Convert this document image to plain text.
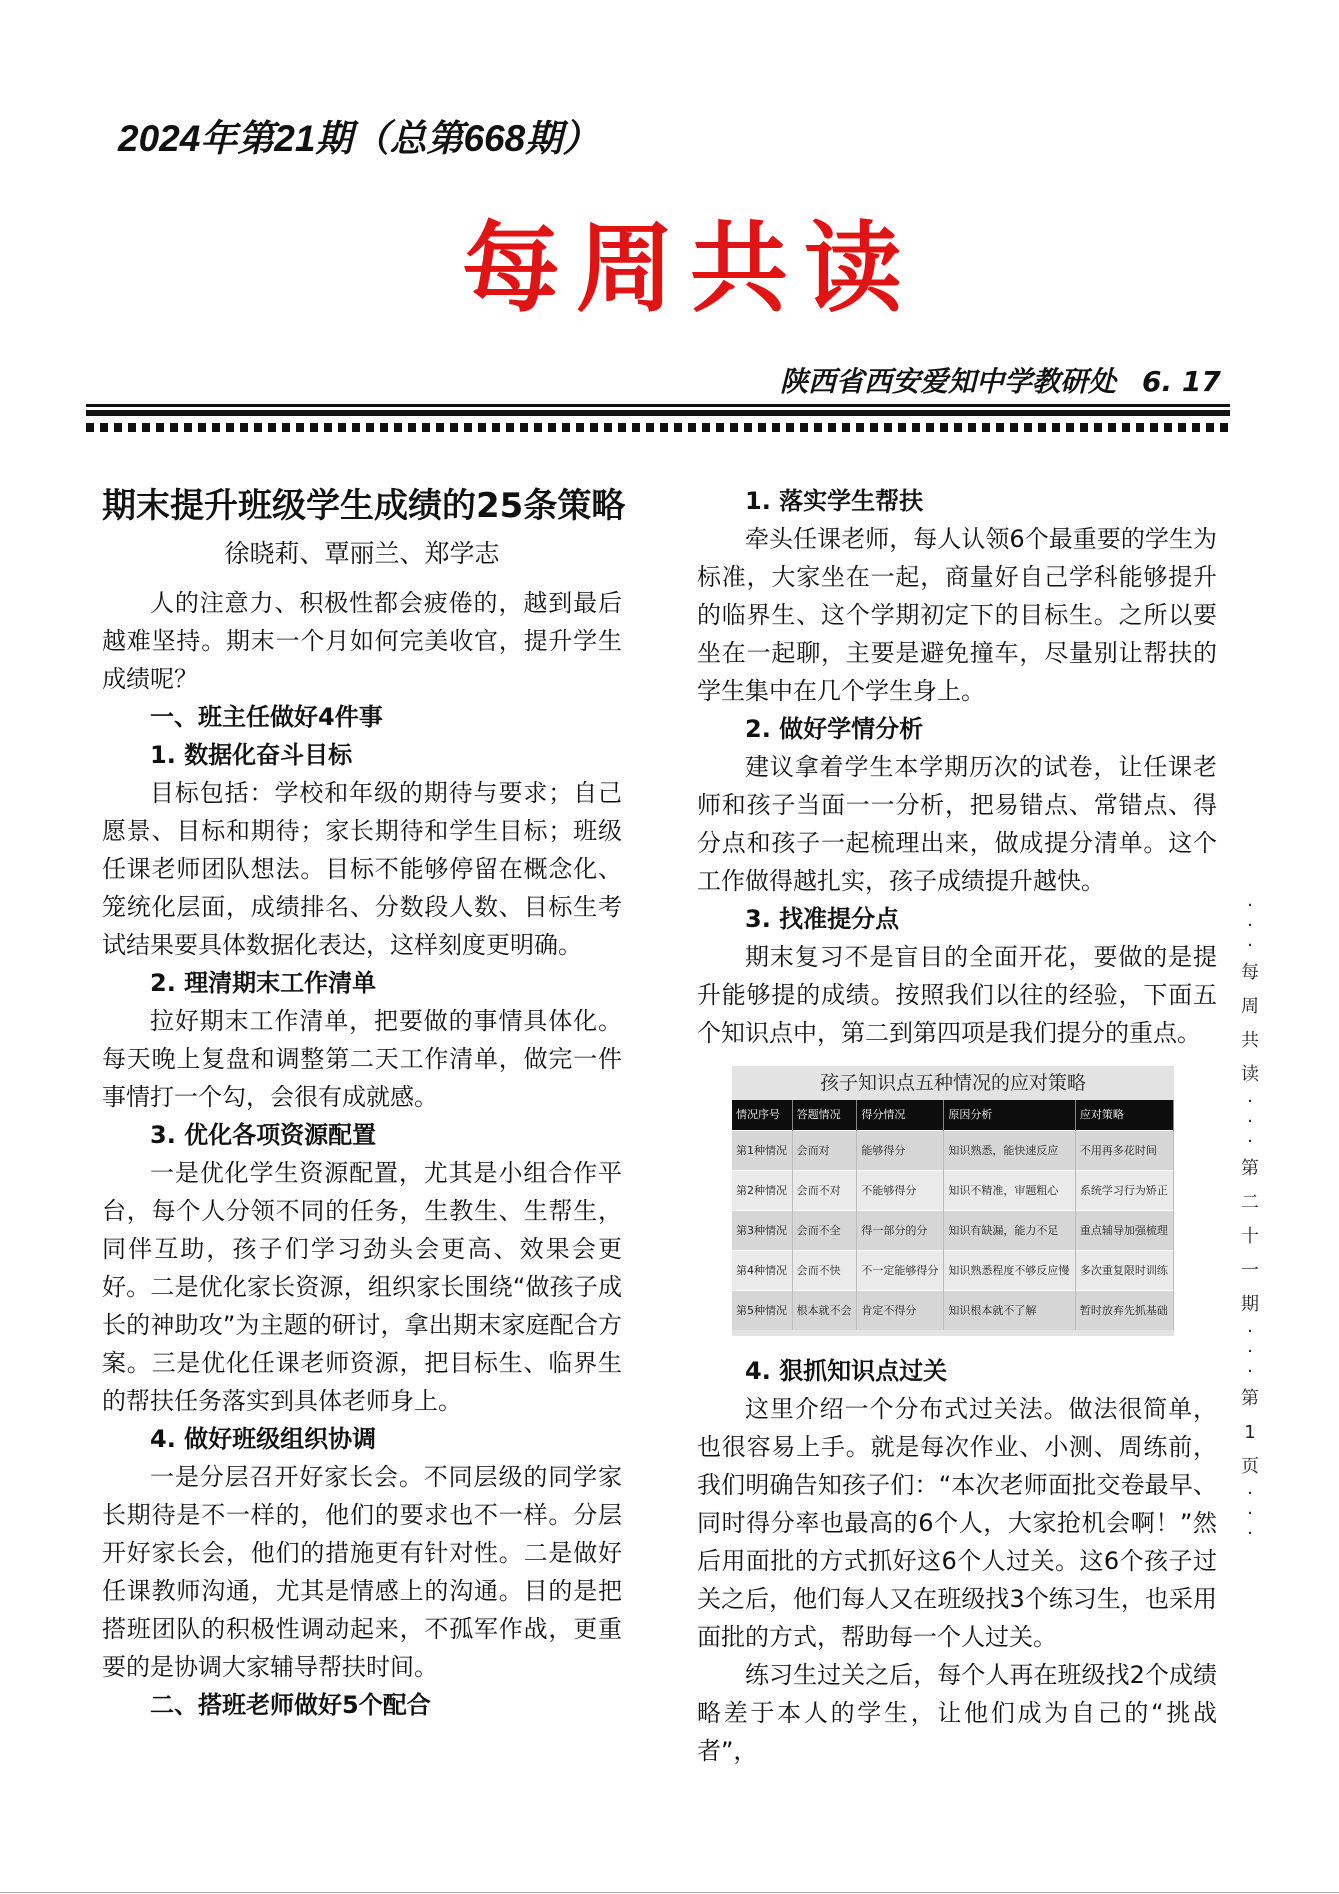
2024年第21期（总第668期）
每周共读
陕西省西安爱知中学教研处 6. 17
期末提升班级学生成绩的25条策略
徐晓莉、覃丽兰、郑学志

人的注意力、积极性都会疲倦的，越到最后越难坚持。期末一个月如何完美收官，提升学生成绩呢？

一、班主任做好4件事

1. 数据化奋斗目标

目标包括：学校和年级的期待与要求；自己愿景、目标和期待；家长期待和学生目标；班级任课老师团队想法。目标不能够停留在概念化、笼统化层面，成绩排名、分数段人数、目标生考试结果要具体数据化表达，这样刻度更明确。

2. 理清期末工作清单

拉好期末工作清单，把要做的事情具体化。每天晚上复盘和调整第二天工作清单，做完一件事情打一个勾，会很有成就感。

3. 优化各项资源配置

一是优化学生资源配置，尤其是小组合作平台，每个人分领不同的任务，生教生、生帮生，同伴互助，孩子们学习劲头会更高、效果会更好。二是优化家长资源，组织家长围绕“做孩子成长的神助攻”为主题的研讨，拿出期末家庭配合方案。三是优化任课老师资源，把目标生、临界生的帮扶任务落实到具体老师身上。

4. 做好班级组织协调

一是分层召开好家长会。不同层级的同学家长期待是不一样的，他们的要求也不一样。分层开好家长会，他们的措施更有针对性。二是做好任课教师沟通，尤其是情感上的沟通。目的是把搭班团队的积极性调动起来，不孤军作战，更重要的是协调大家辅导帮扶时间。

二、搭班老师做好5个配合

1. 落实学生帮扶

牵头任课老师，每人认领6个最重要的学生为标准，大家坐在一起，商量好自己学科能够提升的临界生、这个学期初定下的目标生。之所以要坐在一起聊，主要是避免撞车，尽量别让帮扶的学生集中在几个学生身上。

2. 做好学情分析

建议拿着学生本学期历次的试卷，让任课老师和孩子当面一一分析，把易错点、常错点、得分点和孩子一起梳理出来，做成提分清单。这个工作做得越扎实，孩子成绩提升越快。

3. 找准提分点

期末复习不是盲目的全面开花，要做的是提升能够提的成绩。按照我们以往的经验，下面五个知识点中，第二到第四项是我们提分的重点。

孩子知识点五种情况的应对策略
情况序号	答题情况	得分情况	原因分析	应对策略
第1种情况	会而对	能够得分	知识熟悉，能快速反应	不用再多花时间
第2种情况	会而不对	不能够得分	知识不精准，审题粗心	系统学习行为矫正
第3种情况	会而不全	得一部分的分	知识有缺漏，能力不足	重点辅导加强梳理
第4种情况	会而不快	不一定能够得分	知识熟悉程度不够反应慢	多次重复限时训练
第5种情况	根本就不会	肯定不得分	知识根本就不了解	暂时放弃先抓基础

4. 狠抓知识点过关

这里介绍一个分布式过关法。做法很简单，也很容易上手。就是每次作业、小测、周练前，我们明确告知孩子们：“本次老师面批交卷最早、同时得分率也最高的6个人，大家抢机会啊！”然后用面批的方式抓好这6个人过关。这6个孩子过关之后，他们每人又在班级找3个练习生，也采用面批的方式，帮助每一个人过关。

练习生过关之后，每个人再在班级找2个成绩略差于本人的学生，让他们成为自己的“挑战者”，

·
·
·
每
周
共
读
·
·
·
第
二
十
一
期
·
·
·
第
1
页
·
·
·
